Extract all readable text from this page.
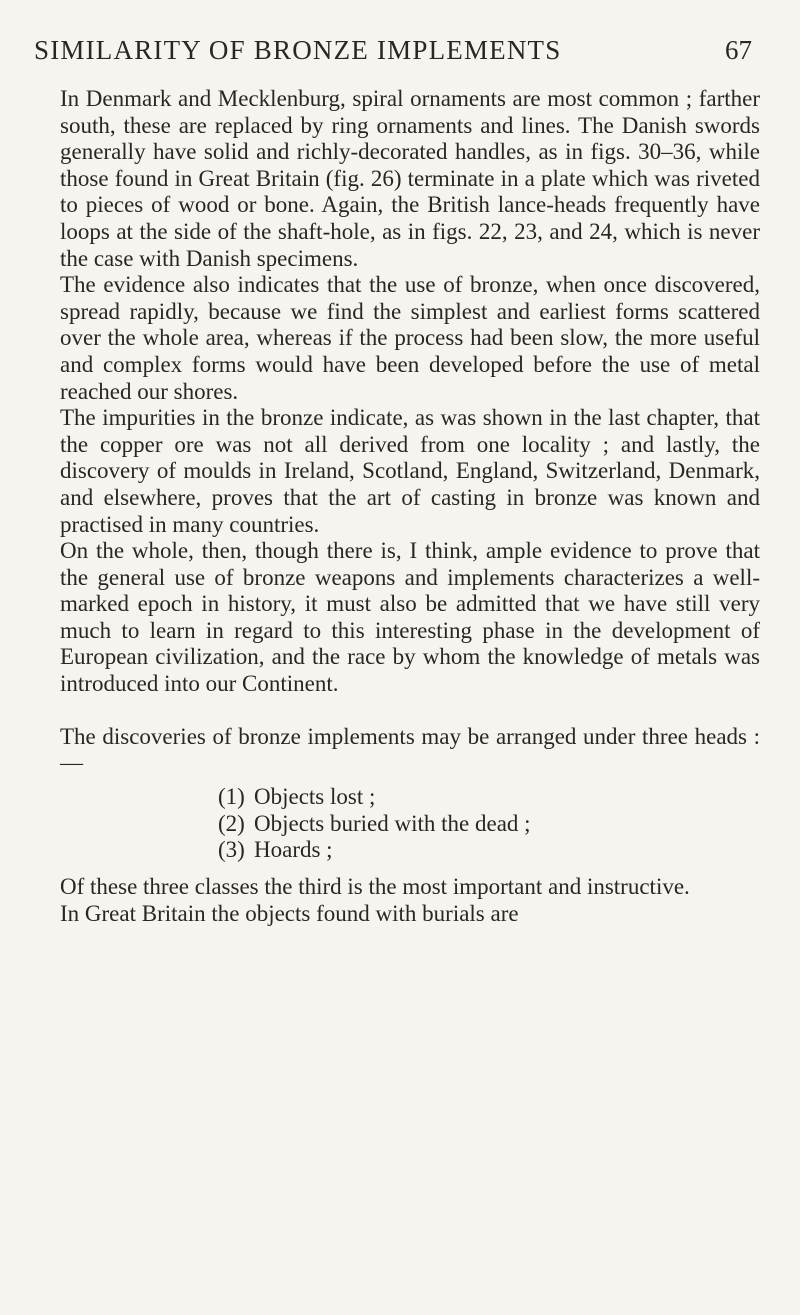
SIMILARITY OF BRONZE IMPLEMENTS	67

In Denmark and Mecklenburg, spiral ornaments are most common ; farther south, these are replaced by ring ornaments and lines. The Danish swords generally have solid and richly-decorated handles, as in figs. 30–36, while those found in Great Britain (fig. 26) terminate in a plate which was riveted to pieces of wood or bone. Again, the British lance-heads frequently have loops at the side of the shaft-hole, as in figs. 22, 23, and 24, which is never the case with Danish specimens.

The evidence also indicates that the use of bronze, when once discovered, spread rapidly, because we find the simplest and earliest forms scattered over the whole area, whereas if the process had been slow, the more useful and complex forms would have been developed before the use of metal reached our shores.

The impurities in the bronze indicate, as was shown in the last chapter, that the copper ore was not all derived from one locality ; and lastly, the discovery of moulds in Ireland, Scotland, England, Switzerland, Denmark, and elsewhere, proves that the art of casting in bronze was known and practised in many countries.

On the whole, then, though there is, I think, ample evidence to prove that the general use of bronze weapons and implements characterizes a well-marked epoch in history, it must also be admitted that we have still very much to learn in regard to this interesting phase in the development of European civilization, and the race by whom the knowledge of metals was introduced into our Continent.

The discoveries of bronze implements may be arranged under three heads :—

(1) Objects lost ;
(2) Objects buried with the dead ;
(3) Hoards ;

Of these three classes the third is the most important and instructive.

In Great Britain the objects found with burials are
